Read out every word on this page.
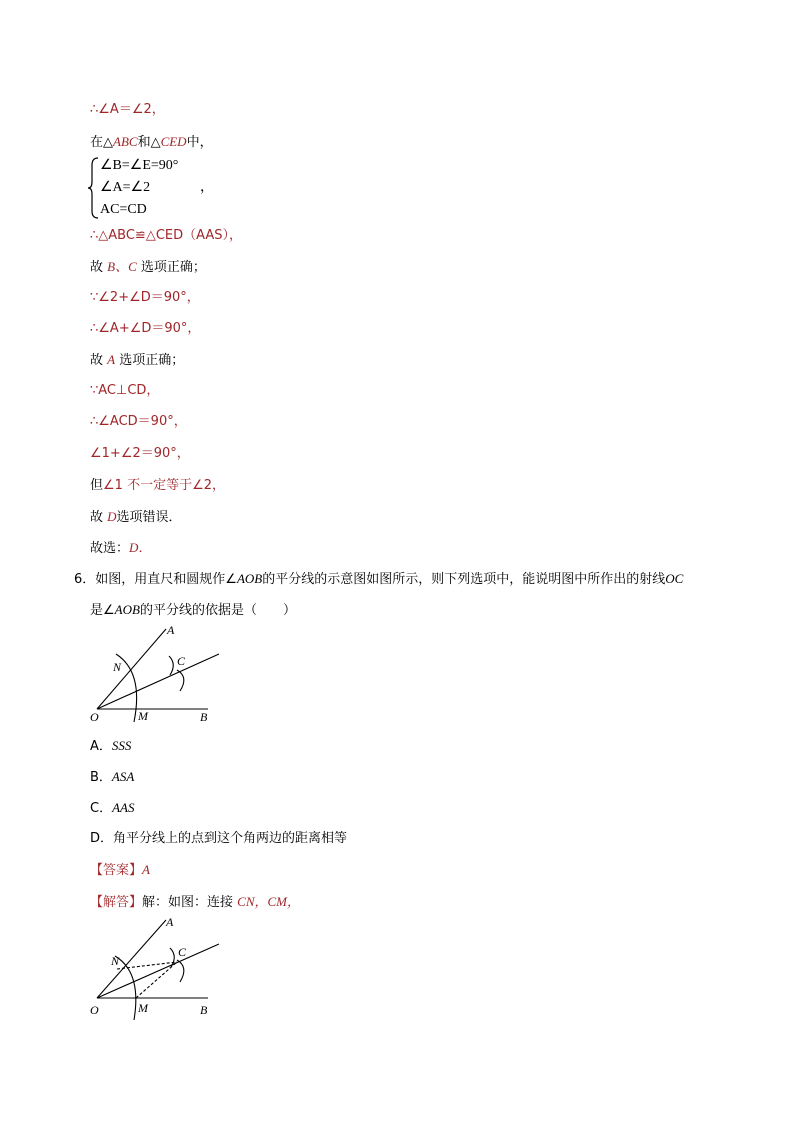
∴∠A＝∠2，
在△ABC和△CED中，
∠B=∠E=90°
∠A=∠2
AC=CD
，
∴△ABC≌△CED（AAS），
故 B、C 选项正确；
∵∠2+∠D＝90°，
∴∠A+∠D＝90°，
故 A 选项正确；
∵AC⊥CD，
∴∠ACD＝90°，
∠1+∠2＝90°，
但∠1 不一定等于∠2，
故 D选项错误．
故选：D．
6．如图，用直尺和圆规作∠AOB的平分线的示意图如图所示，则下列选项中，能说明图中所作出的射线OC
是∠AOB的平分线的依据是（　　）
A
N	C
O	M	B
A．SSS
B．ASA
C．AAS
D．角平分线上的点到这个角两边的距离相等
【答案】A
【解答】解：如图：连接 CN，CM，
A
N
C
O	M	B
